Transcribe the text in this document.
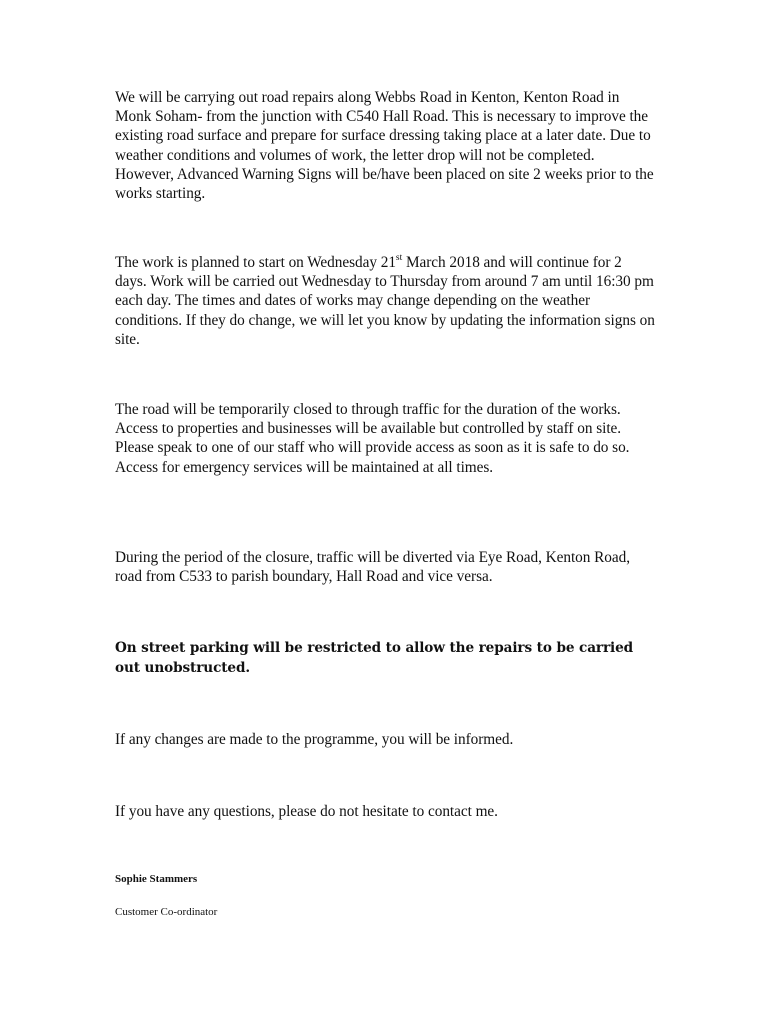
We will be carrying out road repairs along Webbs Road in Kenton, Kenton Road in Monk Soham- from the junction with C540 Hall Road. This is necessary to improve the existing road surface and prepare for surface dressing taking place at a later date. Due to weather conditions and volumes of work, the letter drop will not be completed. However, Advanced Warning Signs will be/have been placed on site 2 weeks prior to the works starting.

The work is planned to start on Wednesday 21st March 2018 and will continue for 2 days. Work will be carried out Wednesday to Thursday from around 7 am until 16:30 pm each day. The times and dates of works may change depending on the weather conditions. If they do change, we will let you know by updating the information signs on site.

The road will be temporarily closed to through traffic for the duration of the works. Access to properties and businesses will be available but controlled by staff on site. Please speak to one of our staff who will provide access as soon as it is safe to do so. Access for emergency services will be maintained at all times.

During the period of the closure, traffic will be diverted via Eye Road, Kenton Road, road from C533 to parish boundary, Hall Road and vice versa.

On street parking will be restricted to allow the repairs to be carried out unobstructed.

If any changes are made to the programme, you will be informed.

If you have any questions, please do not hesitate to contact me.

Sophie Stammers

Customer Co-ordinator
